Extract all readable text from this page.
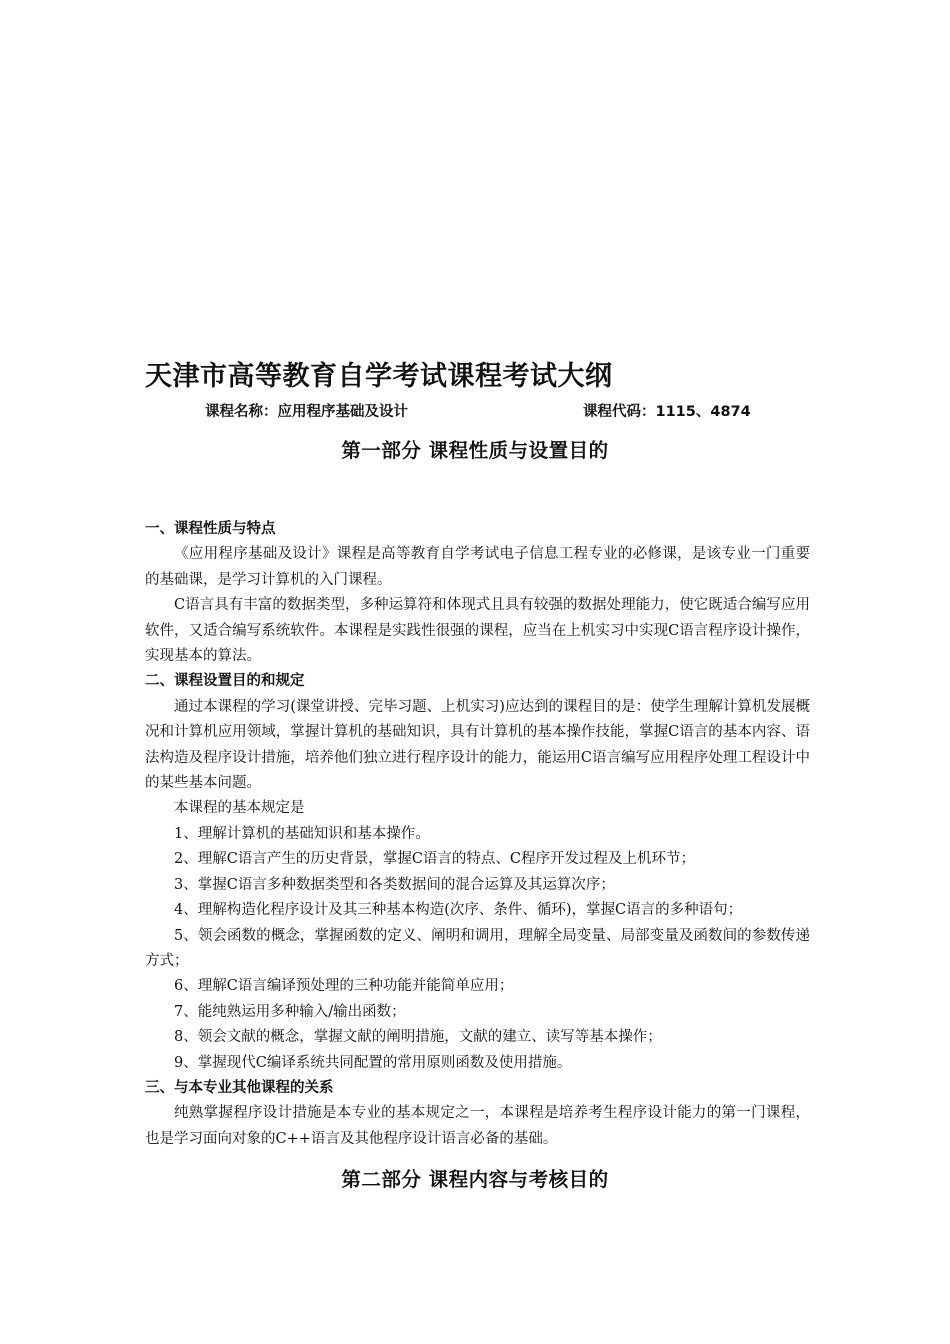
天津市高等教育自学考试课程考试大纲
课程名称：应用程序基础及设计	课程代码：1115、4874
第一部分 课程性质与设置目的
一、课程性质与特点

《应用程序基础及设计》课程是高等教育自学考试电子信息工程专业的必修课，是该专业一门重要的基础课，是学习计算机的入门课程。

C语言具有丰富的数据类型，多种运算符和体现式且具有较强的数据处理能力，使它既适合编写应用软件，又适合编写系统软件。本课程是实践性很强的课程，应当在上机实习中实现C语言程序设计操作，实现基本的算法。

二、课程设置目的和规定

通过本课程的学习(课堂讲授、完毕习题、上机实习)应达到的课程目的是：使学生理解计算机发展概况和计算机应用领域，掌握计算机的基础知识，具有计算机的基本操作技能，掌握C语言的基本内容、语法构造及程序设计措施，培养他们独立进行程序设计的能力，能运用C语言编写应用程序处理工程设计中的某些基本问题。

本课程的基本规定是

1、理解计算机的基础知识和基本操作。

2、理解C语言产生的历史背景，掌握C语言的特点、C程序开发过程及上机环节；

3、掌握C语言多种数据类型和各类数据间的混合运算及其运算次序；

4、理解构造化程序设计及其三种基本构造(次序、条件、循环)，掌握C语言的多种语句；

5、领会函数的概念，掌握函数的定义、阐明和调用，理解全局变量、局部变量及函数间的参数传递方式；

6、理解C语言编译预处理的三种功能并能简单应用；

7、能纯熟运用多种输入/输出函数；

8、领会文献的概念，掌握文献的阐明措施，文献的建立、读写等基本操作；

9、掌握现代C编译系统共同配置的常用原则函数及使用措施。

三、与本专业其他课程的关系

纯熟掌握程序设计措施是本专业的基本规定之一，本课程是培养考生程序设计能力的第一门课程，也是学习面向对象的C++语言及其他程序设计语言必备的基础。

第二部分 课程内容与考核目的
